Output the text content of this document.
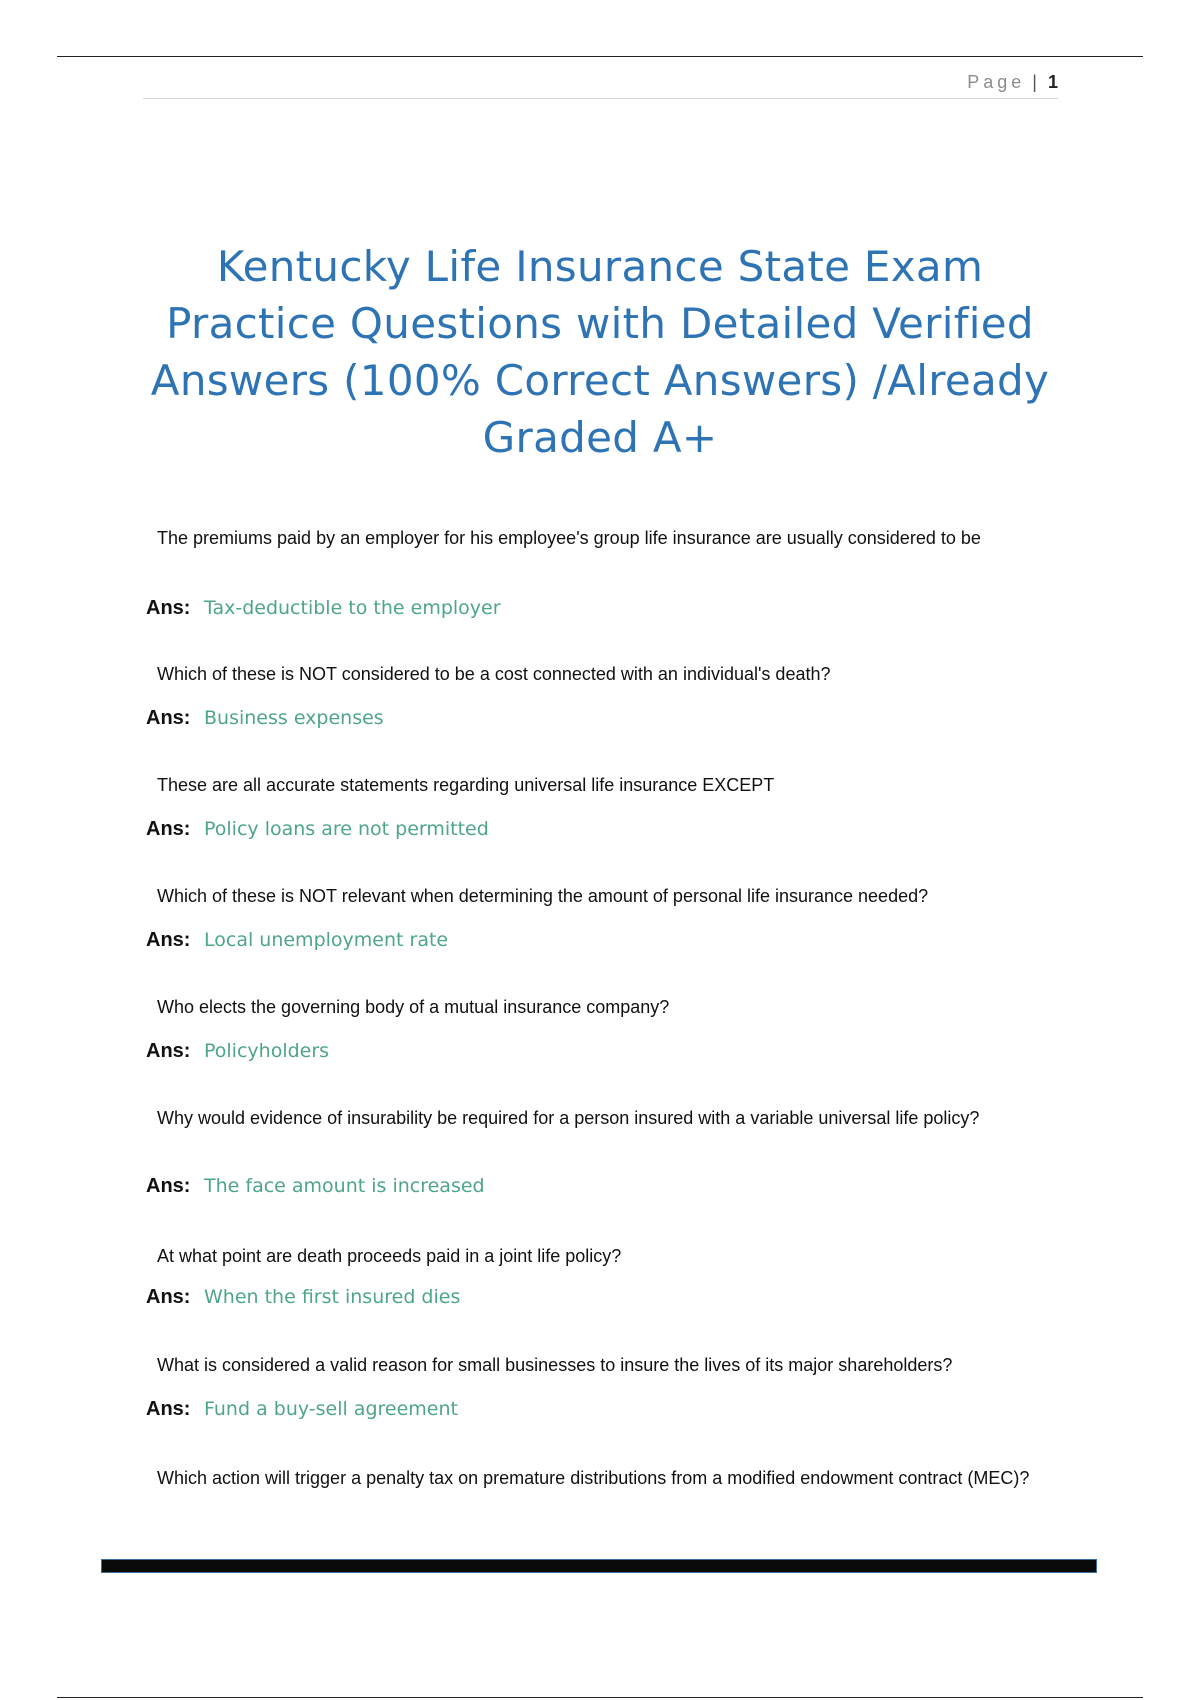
Page | 1
Kentucky Life Insurance State Exam
Practice Questions with Detailed Verified
Answers (100% Correct Answers) /Already
Graded A+

The premiums paid by an employer for his employee's group life insurance are usually considered to be

Ans: Tax-deductible to the employer

Which of these is NOT considered to be a cost connected with an individual's death?

Ans: Business expenses

These are all accurate statements regarding universal life insurance EXCEPT

Ans: Policy loans are not permitted

Which of these is NOT relevant when determining the amount of personal life insurance needed?

Ans: Local unemployment rate

Who elects the governing body of a mutual insurance company?

Ans: Policyholders

Why would evidence of insurability be required for a person insured with a variable universal life policy?

Ans: The face amount is increased

At what point are death proceeds paid in a joint life policy?

Ans: When the first insured dies

What is considered a valid reason for small businesses to insure the lives of its major shareholders?

Ans: Fund a buy-sell agreement

Which action will trigger a penalty tax on premature distributions from a modified endowment contract (MEC)?
